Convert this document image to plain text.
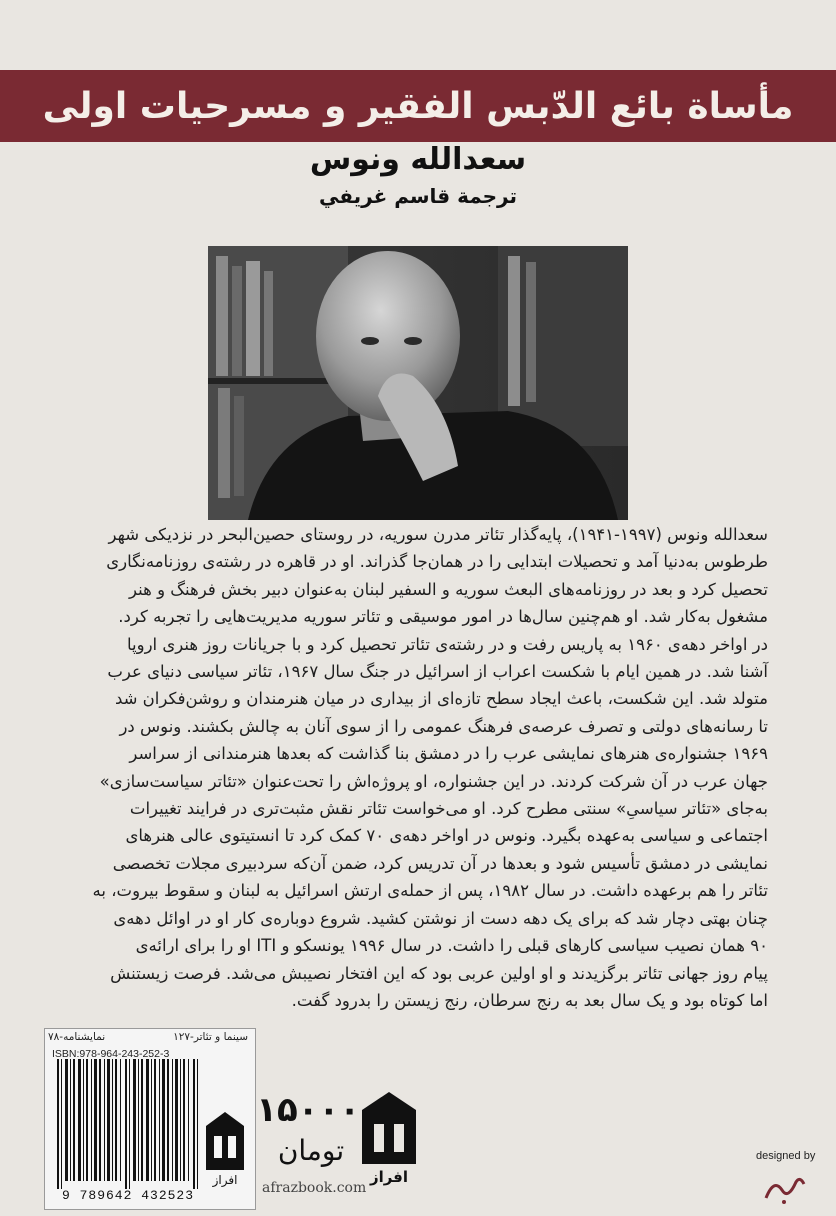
مأساة بائع الدّبس الفقير و مسرحيات اولى
سعدالله ونوس
ترجمة قاسم غريفي
سعدالله ونوس (۱۹۹۷-۱۹۴۱)، پایه‌گذار تئاتر مدرن سوریه، در روستای حصین‌البحر در نزدیکی شهر
طرطوس به‌دنیا آمد و تحصیلات ابتدایی را در همان‌جا گذراند. او در قاهره در رشته‌ی روزنامه‌نگاری
تحصیل کرد و بعد در روزنامه‌های البعث سوریه و السفیر لبنان به‌عنوان دبیر بخش فرهنگ و هنر
مشغول به‌کار شد. او هم‌چنین سال‌ها در امور موسیقی و تئاتر سوریه مدیریت‌هایی را تجربه کرد.
در اواخر دهه‌ی ۱۹۶۰ به پاریس رفت و در رشته‌ی تئاتر تحصیل کرد و با جریانات روز هنری اروپا
آشنا شد. در همین ایام با شکست اعراب از اسرائیل در جنگ سال ۱۹۶۷، تئاتر سیاسی دنیای عرب
متولد شد. این شکست، باعث ایجاد سطح تازه‌ای از بیداری در میان هنرمندان و روشن‌فکران شد
تا رسانه‌های دولتی و تصرف عرصه‌ی فرهنگ عمومی را از سوی آنان به چالش بکشند. ونوس در
۱۹۶۹ جشنواره‌ی هنرهای نمایشی عرب را در دمشق بنا گذاشت که بعدها هنرمندانی از سراسر
جهان عرب در آن شرکت کردند. در این جشنواره، او پروژه‌اش را تحت‌عنوان «تئاتر سیاست‌سازی»
به‌جای «تئاتر سیاسیِ» سنتی مطرح کرد. او می‌خواست تئاتر نقش مثبت‌تری در فرایند تغییرات
اجتماعی و سیاسی به‌عهده بگیرد. ونوس در اواخر دهه‌ی ۷۰ کمک کرد تا انستیتوی عالی هنرهای
نمایشی در دمشق تأسیس شود و بعدها در آن تدریس کرد، ضمن آن‌که سردبیری مجلات تخصصی
تئاتر را هم برعهده داشت. در سال ۱۹۸۲، پس از حمله‌ی ارتش اسرائیل به لبنان و سقوط بیروت، به
چنان بهتی دچار شد که برای یک دهه دست از نوشتن کشید. شروع دوباره‌ی کار او در اوائل دهه‌ی
۹۰ همان نصیب سیاسی کارهای قبلی را داشت. در سال ۱۹۹۶ یونسکو و ITI او را برای ارائه‌ی
پیام روز جهانی تئاتر برگزیدند و او اولین عربی بود که این افتخار نصیبش می‌شد. فرصت زیستنش
اما کوتاه بود و یک سال بعد به رنج سرطان، رنج زیستن را بدرود گفت.
سینما و تئاتر-۱۲۷
نمایشنامه-۷۸
ISBN:978-964-243-252-3
9 789642 432523
افراز
۱۵۰۰۰
تومان
افراز
afrazbook.com
designed by
